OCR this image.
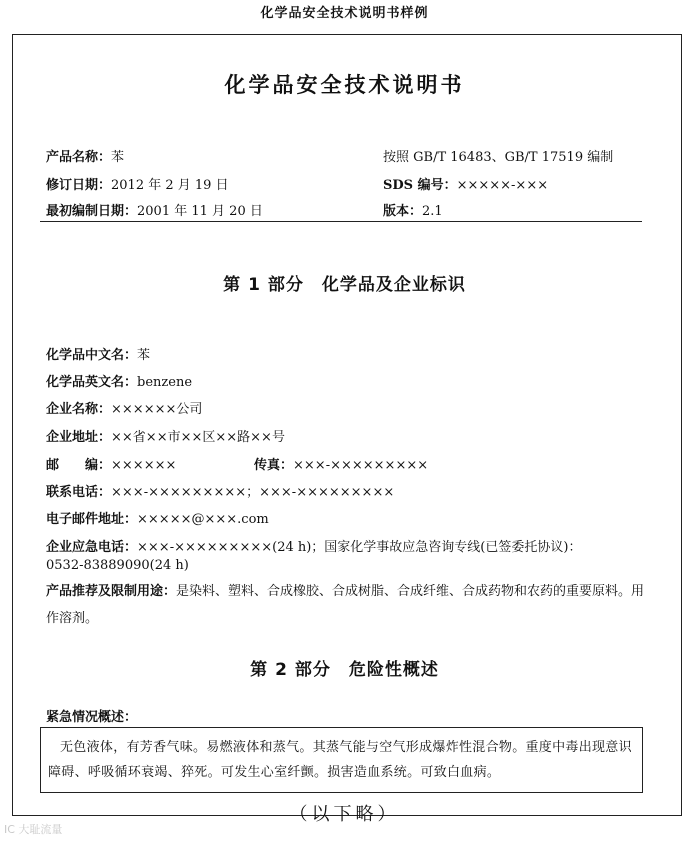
化学品安全技术说明书样例
化学品安全技术说明书
产品名称：苯	按照 GB/T 16483、GB/T 17519 编制
修订日期：2012 年 2 月 19 日	SDS 编号：×××××-×××
最初编制日期：2001 年 11 月 20 日	版本：2.1
第 1 部分　化学品及企业标识
化学品中文名：苯
化学品英文名：benzene
企业名称：××××××公司
企业地址：××省××市××区××路××号
邮　　编：××××××	传真：×××-×××××××××
联系电话：×××-×××××××××；×××-×××××××××
电子邮件地址：×××××@×××.com
企业应急电话：×××-×××××××××(24 h)；国家化学事故应急咨询专线(已签委托协议)：
0532-83889090(24 h)
产品推荐及限制用途：是染料、塑料、合成橡胶、合成树脂、合成纤维、合成药物和农药的重要原料。用作溶剂。
第 2 部分　危险性概述
紧急情况概述：
无色液体，有芳香气味。易燃液体和蒸气。其蒸气能与空气形成爆炸性混合物。重度中毒出现意识障碍、呼吸循环衰竭、猝死。可发生心室纤颤。损害造血系统。可致白血病。
（以下略）
IC 大耻流量
